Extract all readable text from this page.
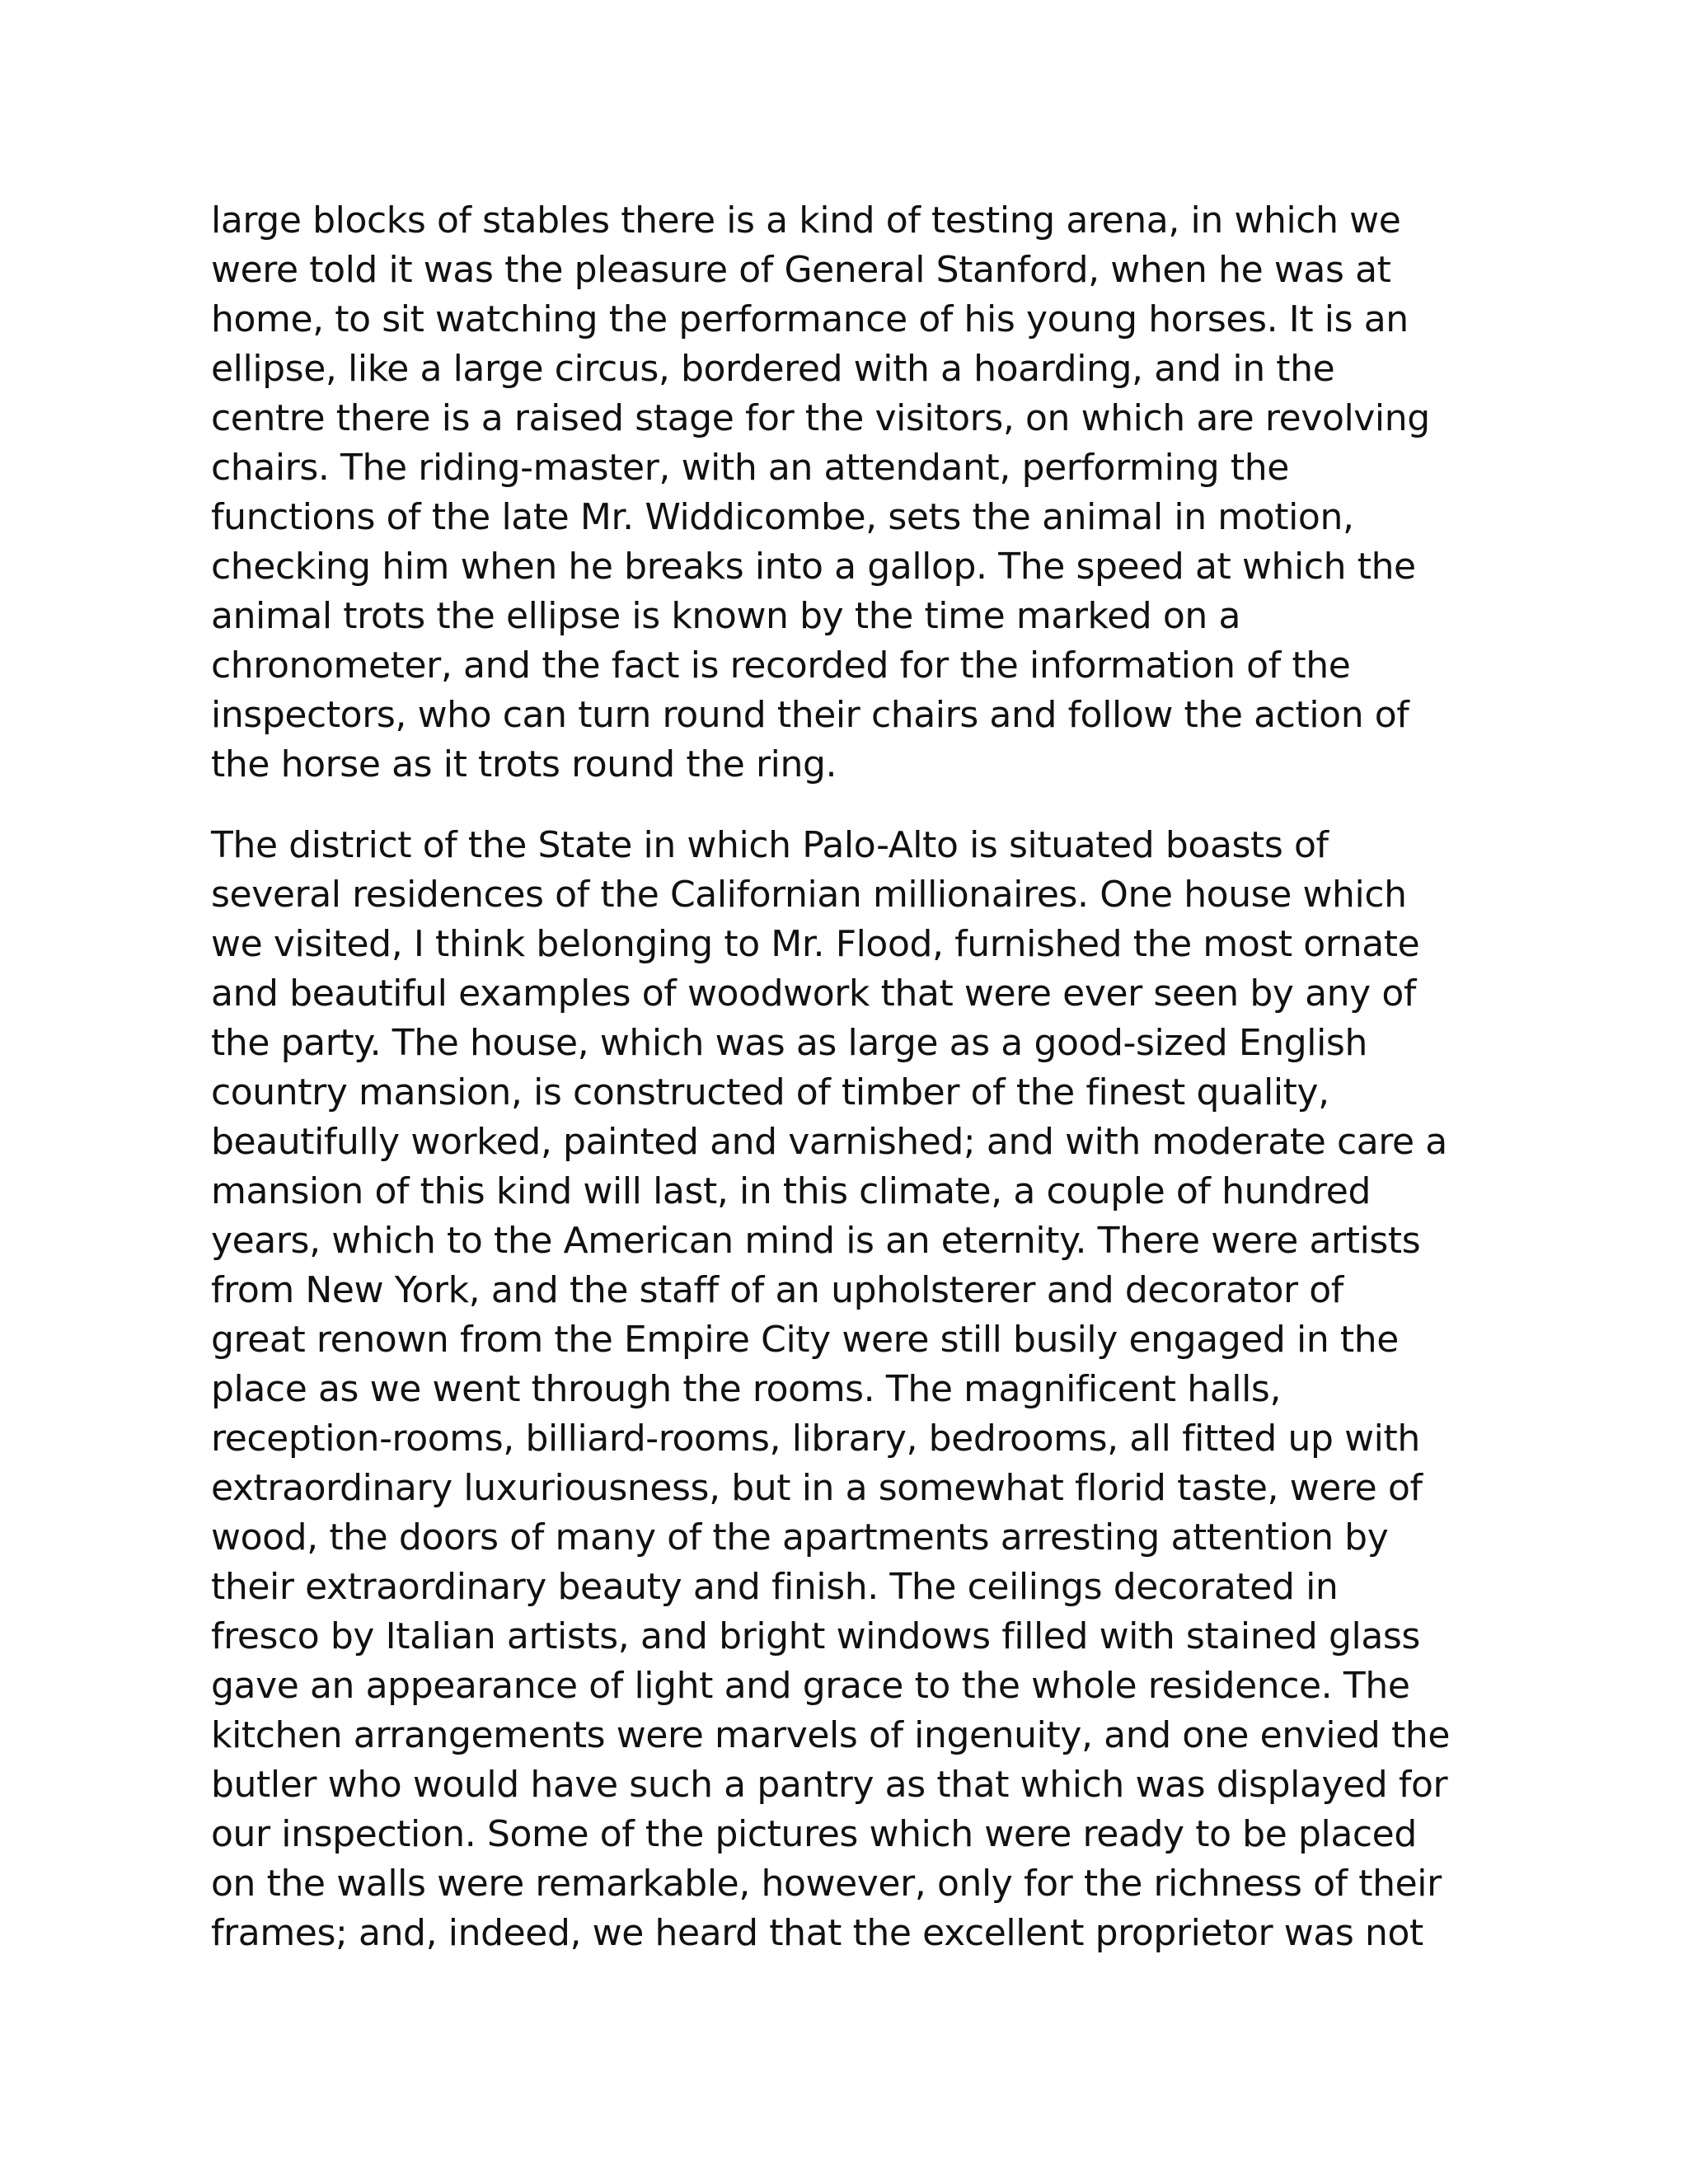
large blocks of stables there is a kind of testing arena, in which we
were told it was the pleasure of General Stanford, when he was at
home, to sit watching the performance of his young horses. It is an
ellipse, like a large circus, bordered with a hoarding, and in the
centre there is a raised stage for the visitors, on which are revolving
chairs. The riding-master, with an attendant, performing the
functions of the late Mr. Widdicombe, sets the animal in motion,
checking him when he breaks into a gallop. The speed at which the
animal trots the ellipse is known by the time marked on a
chronometer, and the fact is recorded for the information of the
inspectors, who can turn round their chairs and follow the action of
the horse as it trots round the ring.

The district of the State in which Palo-Alto is situated boasts of
several residences of the Californian millionaires. One house which
we visited, I think belonging to Mr. Flood, furnished the most ornate
and beautiful examples of woodwork that were ever seen by any of
the party. The house, which was as large as a good-sized English
country mansion, is constructed of timber of the finest quality,
beautifully worked, painted and varnished; and with moderate care a
mansion of this kind will last, in this climate, a couple of hundred
years, which to the American mind is an eternity. There were artists
from New York, and the staff of an upholsterer and decorator of
great renown from the Empire City were still busily engaged in the
place as we went through the rooms. The magnificent halls,
reception-rooms, billiard-rooms, library, bedrooms, all fitted up with
extraordinary luxuriousness, but in a somewhat florid taste, were of
wood, the doors of many of the apartments arresting attention by
their extraordinary beauty and finish. The ceilings decorated in
fresco by Italian artists, and bright windows filled with stained glass
gave an appearance of light and grace to the whole residence. The
kitchen arrangements were marvels of ingenuity, and one envied the
butler who would have such a pantry as that which was displayed for
our inspection. Some of the pictures which were ready to be placed
on the walls were remarkable, however, only for the richness of their
frames; and, indeed, we heard that the excellent proprietor was not
